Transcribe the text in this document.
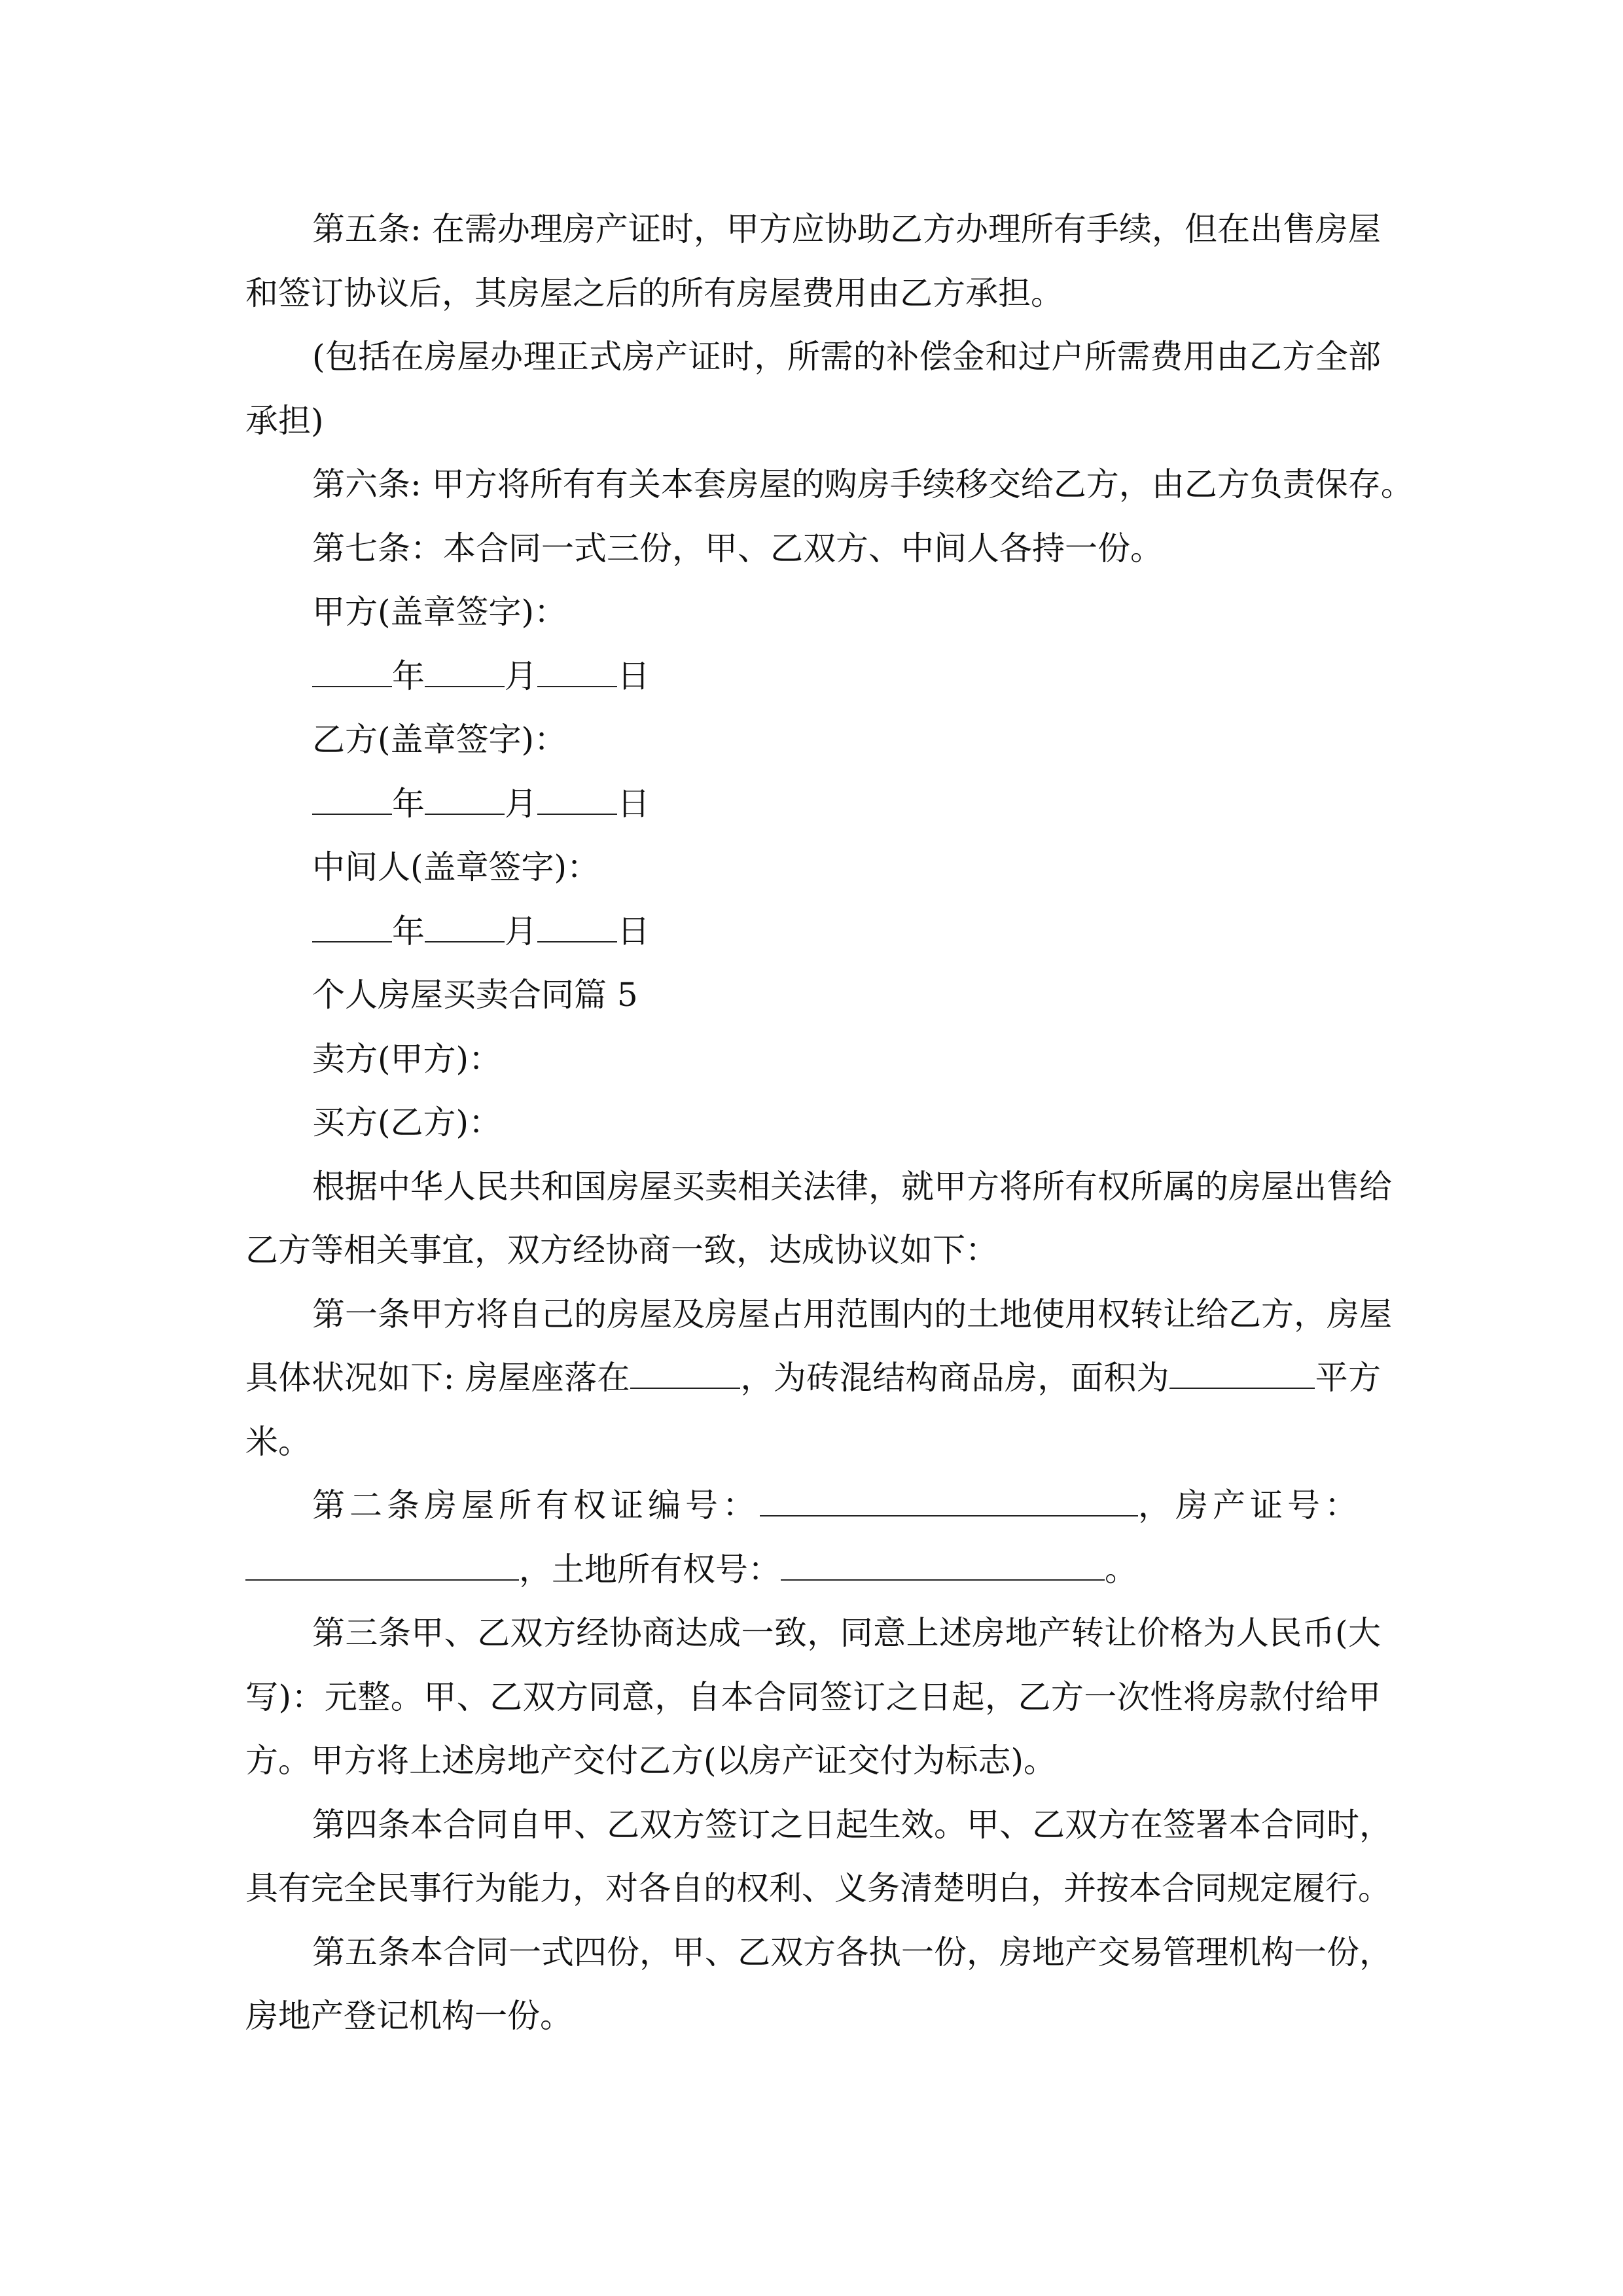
第五条: 在需办理房产证时，甲方应协助乙方办理所有手续，但在出售房屋
和签订协议后，其房屋之后的所有房屋费用由乙方承担。
(包括在房屋办理正式房产证时，所需的补偿金和过户所需费用由乙方全部
承担)
第六条: 甲方将所有有关本套房屋的购房手续移交给乙方，由乙方负责保存。
第七条：本合同一式三份，甲、乙双方、中间人各持一份。
甲方(盖章签字)：
年 月 日
乙方(盖章签字)：
年 月 日
中间人(盖章签字)：
年 月 日
个人房屋买卖合同篇 5
卖方(甲方)：
买方(乙方)：
根据中华人民共和国房屋买卖相关法律，就甲方将所有权所属的房屋出售给
乙方等相关事宜，双方经协商一致，达成协议如下：
第一条甲方将自己的房屋及房屋占用范围内的土地使用权转让给乙方，房屋
具体状况如下: 房屋座落在	，为砖混结构商品房，面积为	平方
米。
第二条房屋所有权证编号：	，房产证号：
，土地所有权号：	。
第三条甲、乙双方经协商达成一致，同意上述房地产转让价格为人民币(大
写)：元整。甲、乙双方同意，自本合同签订之日起，乙方一次性将房款付给甲
方。甲方将上述房地产交付乙方(以房产证交付为标志)。
第四条本合同自甲、乙双方签订之日起生效。甲、乙双方在签署本合同时，
具有完全民事行为能力，对各自的权利、义务清楚明白，并按本合同规定履行。
第五条本合同一式四份，甲、乙双方各执一份，房地产交易管理机构一份，
房地产登记机构一份。
